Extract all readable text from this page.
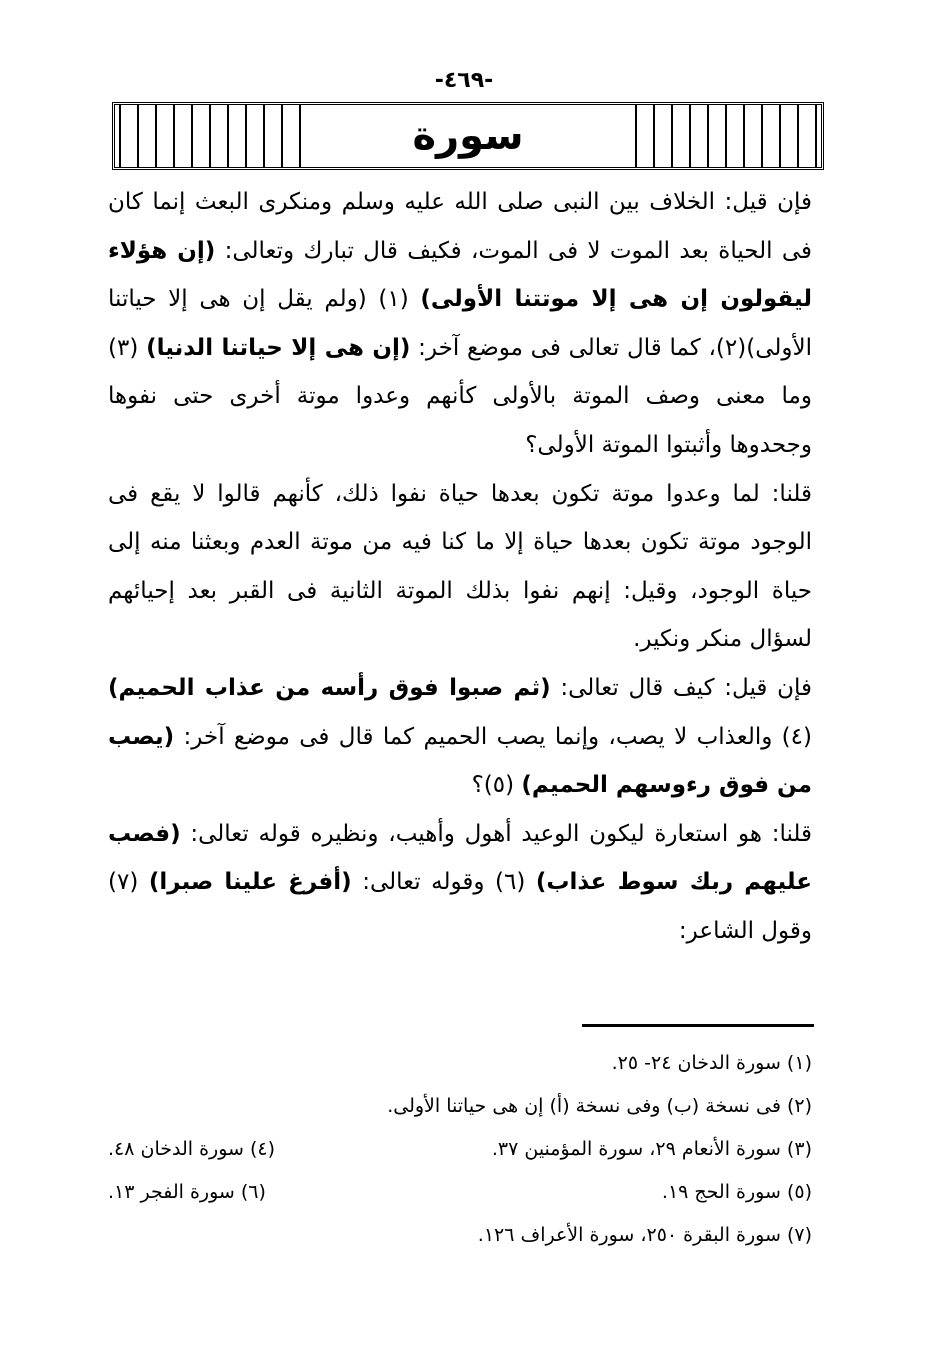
-٤٦٩-
سورة

فإن قيل: الخلاف بين النبى صلى الله عليه وسلم ومنكرى البعث إنما كان فى الحياة بعد الموت لا فى الموت، فكيف قال تبارك وتعالى: (إن هؤلاء ليقولون إن هى إلا موتتنا الأولى) (١) (ولم يقل إن هى إلا حياتنا الأولى)(٢)، كما قال تعالى فى موضع آخر: (إن هى إلا حياتنا الدنيا) (٣) وما معنى وصف الموتة بالأولى كأنهم وعدوا موتة أخرى حتى نفوها وجحدوها وأثبتوا الموتة الأولى؟

قلنا: لما وعدوا موتة تكون بعدها حياة نفوا ذلك، كأنهم قالوا لا يقع فى الوجود موتة تكون بعدها حياة إلا ما كنا فيه من موتة العدم وبعثنا منه إلى حياة الوجود، وقيل: إنهم نفوا بذلك الموتة الثانية فى القبر بعد إحيائهم لسؤال منكر ونكير.

فإن قيل: كيف قال تعالى: (ثم صبوا فوق رأسه من عذاب الحميم) (٤) والعذاب لا يصب، وإنما يصب الحميم كما قال فى موضع آخر: (يصب من فوق رءوسهم الحميم) (٥)؟

قلنا: هو استعارة ليكون الوعيد أهول وأهيب، ونظيره قوله تعالى: (فصب عليهم ربك سوط عذاب) (٦) وقوله تعالى: (أفرغ علينا صبرا) (٧) وقول الشاعر:

(١) سورة الدخان ٢٤- ٢٥.
(٢) فى نسخة (ب) وفى نسخة (أ) إن هى حياتنا الأولى.
(٣) سورة الأنعام ٢٩، سورة المؤمنين ٣٧.
(٤) سورة الدخان ٤٨.
(٥) سورة الحج ١٩.
(٦) سورة الفجر ١٣.
(٧) سورة البقرة ٢٥٠، سورة الأعراف ١٢٦.
